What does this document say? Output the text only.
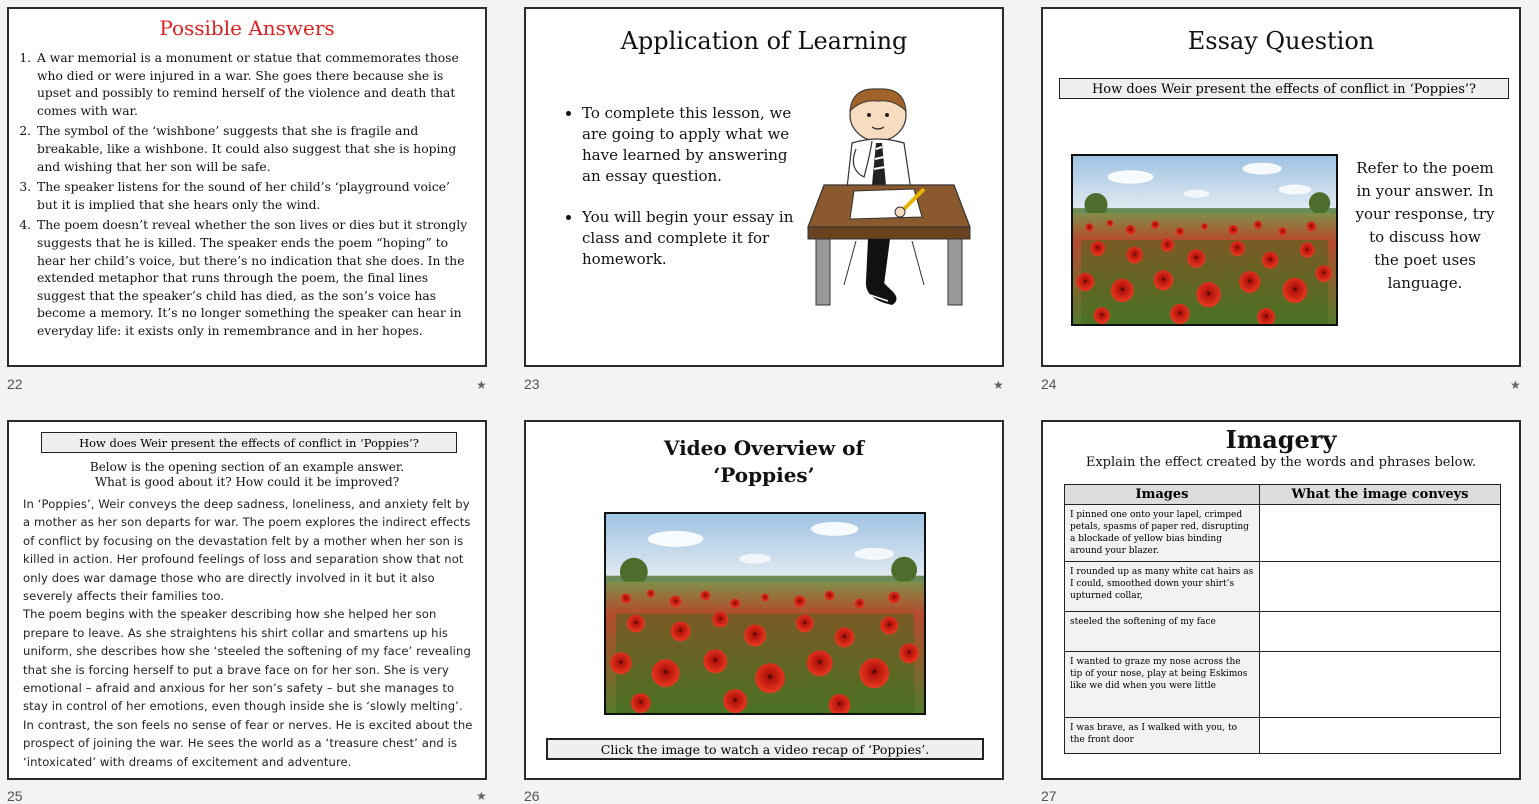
Possible Answers
1. A war memorial is a monument or statue that commemorates those who died or were injured in a war. She goes there because she is upset and possibly to remind herself of the violence and death that comes with war.
2. The symbol of the ‘wishbone’ suggests that she is fragile and breakable, like a wishbone. It could also suggest that she is hoping and wishing that her son will be safe.
3. The speaker listens for the sound of her child’s ‘playground voice’ but it is implied that she hears only the wind.
4. The poem doesn’t reveal whether the son lives or dies but it strongly suggests that he is killed. The speaker ends the poem “hoping” to hear her child’s voice, but there’s no indication that she does. In the extended metaphor that runs through the poem, the final lines suggest that the speaker’s child has died, as the son’s voice has become a memory. It’s no longer something the speaker can hear in everyday life: it exists only in remembrance and in her hopes.
22	★
Application of Learning
• To complete this lesson, we are going to apply what we have learned by answering an essay question.
• You will begin your essay in class and complete it for homework.
23	★
Essay Question
How does Weir present the effects of conflict in ‘Poppies’?
Refer to the poem in your answer. In your response, try to discuss how the poet uses language.
24	★
How does Weir present the effects of conflict in ‘Poppies’?
Below is the opening section of an example answer.
What is good about it? How could it be improved?

In ‘Poppies’, Weir conveys the deep sadness, loneliness, and anxiety felt by a mother as her son departs for war. The poem explores the indirect effects of conflict by focusing on the devastation felt by a mother when her son is killed in action. Her profound feelings of loss and separation show that not only does war damage those who are directly involved in it but it also severely affects their families too.

The poem begins with the speaker describing how she helped her son prepare to leave. As she straightens his shirt collar and smartens up his uniform, she describes how she ‘steeled the softening of my face’ revealing that she is forcing herself to put a brave face on for her son. She is very emotional – afraid and anxious for her son’s safety – but she manages to stay in control of her emotions, even though inside she is ‘slowly melting’.

In contrast, the son feels no sense of fear or nerves. He is excited about the prospect of joining the war. He sees the world as a ‘treasure chest’ and is ‘intoxicated’ with dreams of excitement and adventure.

25	★
Video Overview of
‘Poppies’
Click the image to watch a video recap of ‘Poppies’.
26
Imagery
Explain the effect created by the words and phrases below.
Images	What the image conveys
I pinned one onto your lapel, crimped petals, spasms of paper red, disrupting a blockade of yellow bias binding around your blazer.	
I rounded up as many white cat hairs as I could, smoothed down your shirt’s upturned collar,	
steeled the softening of my face	
I wanted to graze my nose across the tip of your nose, play at being Eskimos like we did when you were little	
I was brave, as I walked with you, to the front door	
27
